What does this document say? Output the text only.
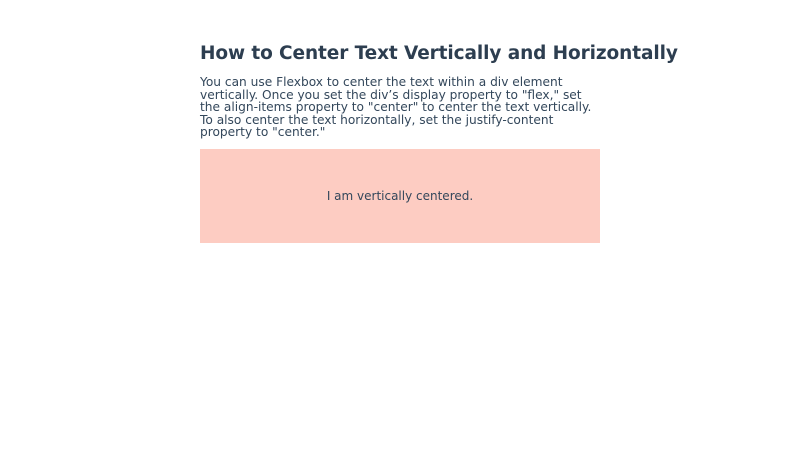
How to Center Text Vertically and Horizontally

You can use Flexbox to center the text within a div element vertically. Once you set the div’s display property to "flex," set the align-items property to "center" to center the text vertically. To also center the text horizontally, set the justify-content property to "center."

I am vertically centered.
